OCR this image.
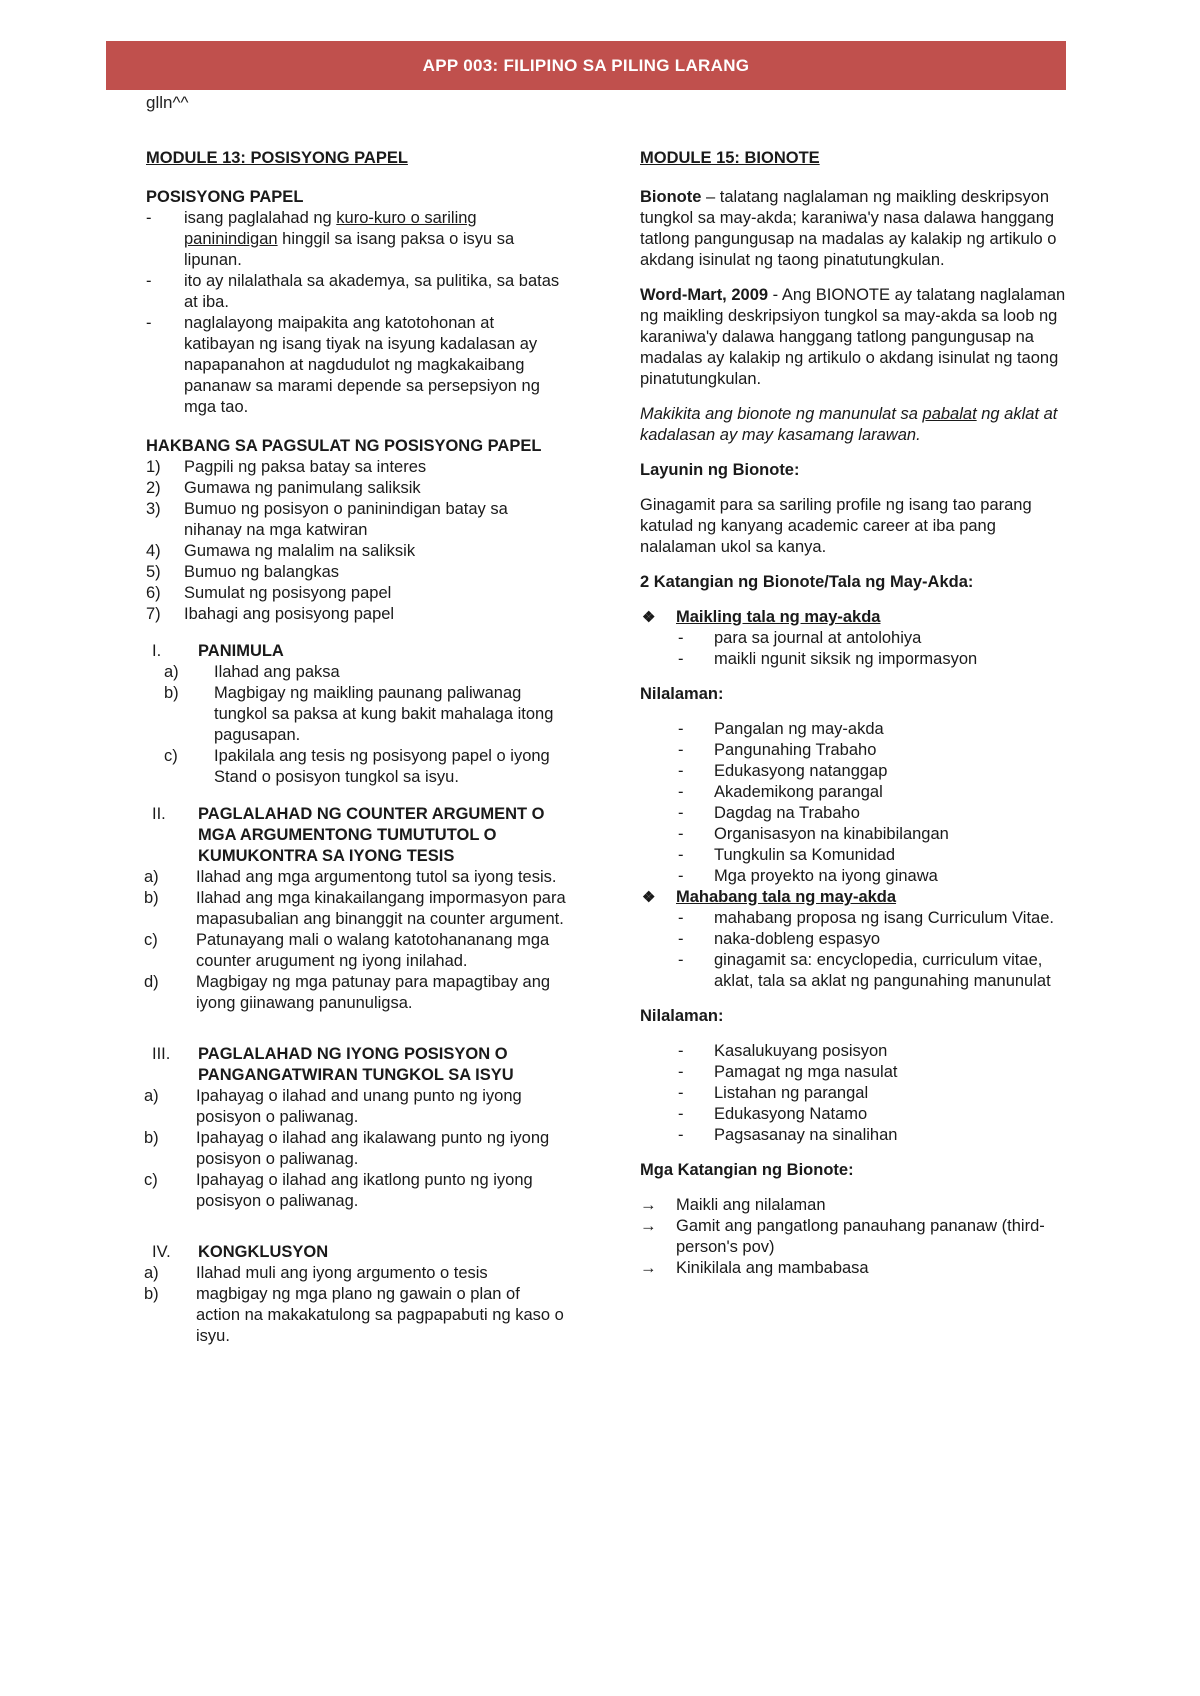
APP 003: FILIPINO SA PILING LARANG
glln^^

MODULE 13: POSISYONG PAPEL

POSISYONG PAPEL

- isang paglalahad ng kuro-kuro o sariling paninindigan hinggil sa isang paksa o isyu sa lipunan.
- ito ay nilalathala sa akademya, sa pulitika, sa batas at iba.
- naglalayong maipakita ang katotohonan at katibayan ng isang tiyak na isyung kadalasan ay napapanahon at nagdudulot ng magkakaibang pananaw sa marami depende sa persepsiyon ng mga tao.

HAKBANG SA PAGSULAT NG POSISYONG PAPEL

1) Pagpili ng paksa batay sa interes
2) Gumawa ng panimulang saliksik
3) Bumuo ng posisyon o paninindigan batay sa nihanay na mga katwiran
4) Gumawa ng malalim na saliksik
5) Bumuo ng balangkas
6) Sumulat ng posisyong papel
7) Ibahagi ang posisyong papel
I. PANIMULA
a) Ilahad ang paksa
b) Magbigay ng maikling paunang paliwanag tungkol sa paksa at kung bakit mahalaga itong pagusapan.
c) Ipakilala ang tesis ng posisyong papel o iyong Stand o posisyon tungkol sa isyu.
II. PAGLALAHAD NG COUNTER ARGUMENT O MGA ARGUMENTONG TUMUTUTOL O KUMUKONTRA SA IYONG TESIS
a) Ilahad ang mga argumentong tutol sa iyong tesis.
b) Ilahad ang mga kinakailangang impormasyon para mapasubalian ang binanggit na counter argument.
c) Patunayang mali o walang katotohananang mga counter arugument ng iyong inilahad.
d) Magbigay ng mga patunay para mapagtibay ang iyong giinawang panunuligsa.
III. PAGLALAHAD NG IYONG POSISYON O PANGANGATWIRAN TUNGKOL SA ISYU
a) Ipahayag o ilahad and unang punto ng iyong posisyon o paliwanag.
b) Ipahayag o ilahad ang ikalawang punto ng iyong posisyon o paliwanag.
c) Ipahayag o ilahad ang ikatlong punto ng iyong posisyon o paliwanag.
IV. KONGKLUSYON
a) Ilahad muli ang iyong argumento o tesis
b) magbigay ng mga plano ng gawain o plan of action na makakatulong sa pagpapabuti ng kaso o isyu.

MODULE 15: BIONOTE

Bionote – talatang naglalaman ng maikling deskripsyon tungkol sa may-akda; karaniwa'y nasa dalawa hanggang tatlong pangungusap na madalas ay kalakip ng artikulo o akdang isinulat ng taong pinatutungkulan.

Word-Mart, 2009 - Ang BIONOTE ay talatang naglalaman ng maikling deskripsiyon tungkol sa may-akda sa loob ng karaniwa'y dalawa hanggang tatlong pangungusap na madalas ay kalakip ng artikulo o akdang isinulat ng taong pinatutungkulan.

Makikita ang bionote ng manunulat sa pabalat ng aklat at kadalasan ay may kasamang larawan.

Layunin ng Bionote:

Ginagamit para sa sariling profile ng isang tao parang katulad ng kanyang academic career at iba pang nalalaman ukol sa kanya.

2 Katangian ng Bionote/Tala ng May-Akda:

❖ Maikling tala ng may-akda
- para sa journal at antolohiya
- maikli ngunit siksik ng impormasyon

Nilalaman:

- Pangalan ng may-akda
- Pangunahing Trabaho
- Edukasyong natanggap
- Akademikong parangal
- Dagdag na Trabaho
- Organisasyon na kinabibilangan
- Tungkulin sa Komunidad
- Mga proyekto na iyong ginawa
❖ Mahabang tala ng may-akda
- mahabang proposa ng isang Curriculum Vitae.
- naka-dobleng espasyo
- ginagamit sa: encyclopedia, curriculum vitae, aklat, tala sa aklat ng pangunahing manunulat

Nilalaman:

- Kasalukuyang posisyon
- Pamagat ng mga nasulat
- Listahan ng parangal
- Edukasyong Natamo
- Pagsasanay na sinalihan

Mga Katangian ng Bionote:

→ Maikli ang nilalaman
→ Gamit ang pangatlong panauhang pananaw (third-person's pov)
→ Kinikilala ang mambabasa
